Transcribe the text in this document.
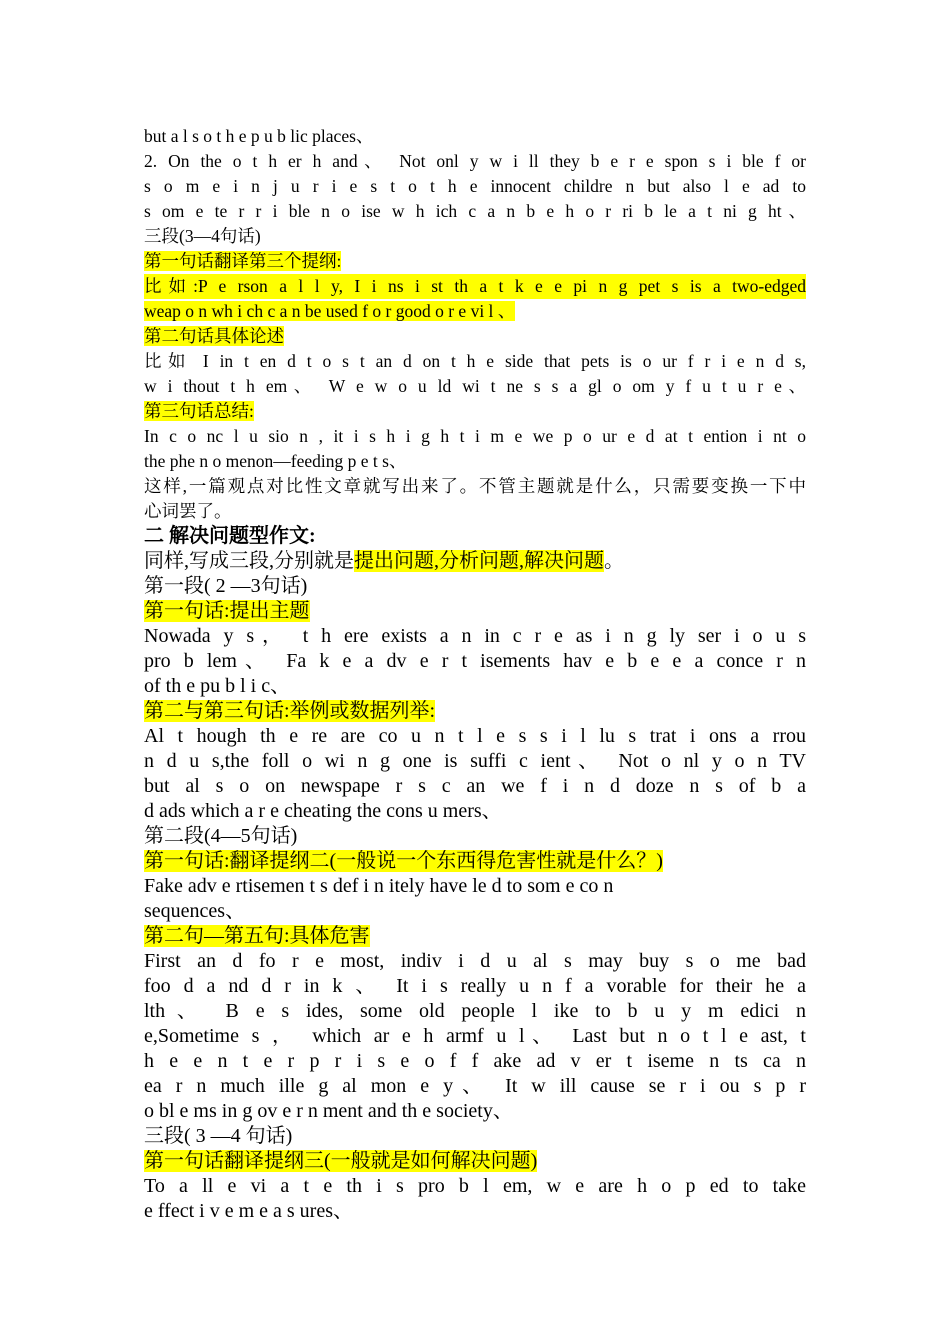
but a l s o t h e p u b lic places、
2. On the o t h er h and、 Not onl y w i ll they b e r e spon s i ble f or
s o m e i n j u r i e s t o t h e innocent childre n but also l e ad to
s om e te r r i ble n o ise w h ich c a n b e h o r ri b le a t ni g ht、
三段(3—4句话)
第一句话翻译第三个提纲:
比如:P e rson a l l y, I i ns i st th a t k e e pi n g pet s is a two-edged
weap o n wh i ch c a n be used f o r good o r e vi l 、
第二句话具体论述
比如 I in t en d t o s t an d on t h e side that pets is o ur f r i e n d s,
w i thout t h em、 W e w o u ld wi t ne s s a gl o om y f u t u r e、
第三句话总结:
In c o nc l u sio n , it i s h i g h t i m e we p o ur e d at t ention i nt o
the phe n o menon—feeding p e t s、
这样,一篇观点对比性文章就写出来了。不管主题就是什么，只需要变换一下中
心词罢了。
二 解决问题型作文:
同样,写成三段,分别就是提出问题,分析问题,解决问题。
第一段( 2 —3句话)
第一句话:提出主题
Nowada y s， t h ere exists a n in c r e as i n g ly ser i o u s
pro b lem、 Fa k e a dv e r t isements hav e b e e a conce r n
of th e pu b l i c、
第二与第三句话:举例或数据列举:
Al t hough th e re are co u n t l e s s i l lu s trat i ons a rrou
n d u s,the foll o wi n g one is suffi c ient、 Not o nl y o n TV
but al s o on newspape r s c an we f i n d doze n s of b a
d ads which a r e cheating the cons u mers、
第二段(4—5句话)
第一句话:翻译提纲二(一般说一个东西得危害性就是什么？)
Fake adv e rtisemen t s def i n itely have le d to som e co n
sequences、
第二句—第五句:具体危害
First an d fo r e most, indiv i d u al s may buy s o me bad
foo d a nd d r in k 、 It i s really u n f a vorable for their he a
lth、 B e s ides, some old people l ike to b u y m edici n
e,Sometime s ， which ar e h armf u l、 Last but n o t l e ast, t
h e e n t e r p r i s e o f f ake ad v er t iseme n ts ca n
ea r n much ille g al mon e y、 It w ill cause se r i ou s p r
o bl e ms in g ov e r n ment and th e society、
三段( 3 —4 句话)
第一句话翻译提纲三(一般就是如何解决问题)
To a ll e vi a t e th i s pro b l em, w e are h o p ed to take
e ffect i v e m e a s ures、
